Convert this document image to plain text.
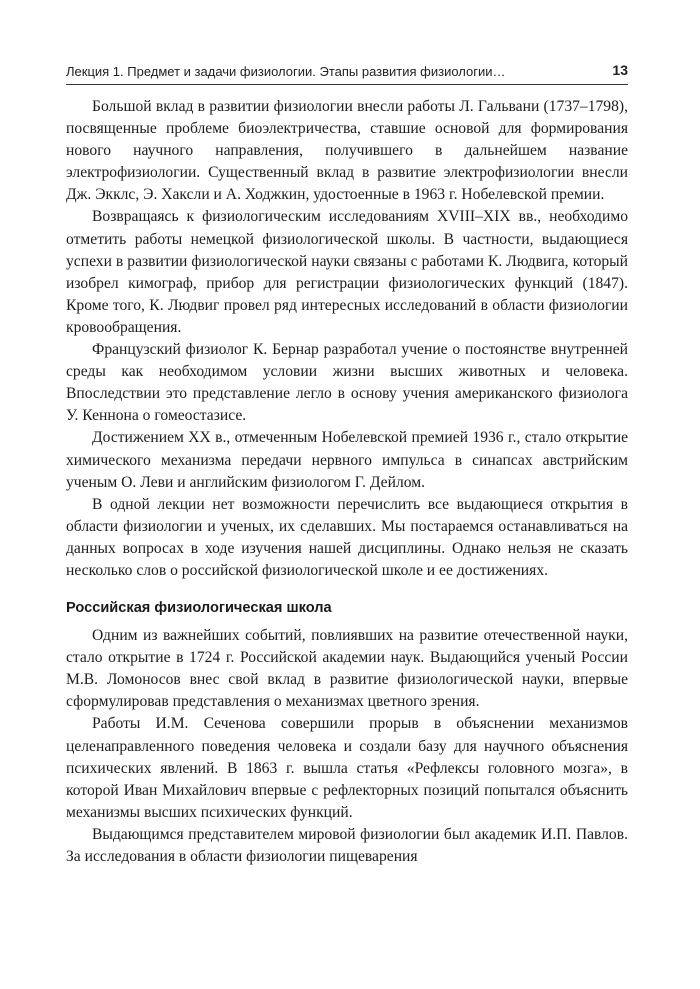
Лекция 1. Предмет и задачи физиологии. Этапы развития физиологии…	13

Большой вклад в развитии физиологии внесли работы Л. Гальвани (1737–1798), посвященные проблеме биоэлектричества, ставшие основой для формирования нового научного направления, получившего в дальнейшем название электрофизиологии. Существенный вклад в развитие электрофизиологии внесли Дж. Экклс, Э. Хаксли и А. Ходжкин, удостоенные в 1963 г. Нобелевской премии.

Возвращаясь к физиологическим исследованиям XVIII–XIX вв., необходимо отметить работы немецкой физиологической школы. В частности, выдающиеся успехи в развитии физиологической науки связаны с работами К. Людвига, который изобрел кимограф, прибор для регистрации физиологических функций (1847). Кроме того, К. Людвиг провел ряд интересных исследований в области физиологии кровообращения.

Французский физиолог К. Бернар разработал учение о постоянстве внутренней среды как необходимом условии жизни высших животных и человека. Впоследствии это представление легло в основу учения американского физиолога У. Кеннона о гомеостазисе.

Достижением XX в., отмеченным Нобелевской премией 1936 г., стало открытие химического механизма передачи нервного импульса в синапсах австрийским ученым О. Леви и английским физиологом Г. Дейлом.

В одной лекции нет возможности перечислить все выдающиеся открытия в области физиологии и ученых, их сделавших. Мы постараемся останавливаться на данных вопросах в ходе изучения нашей дисциплины. Однако нельзя не сказать несколько слов о российской физиологической школе и ее достижениях.

Российская физиологическая школа

Одним из важнейших событий, повлиявших на развитие отечественной науки, стало открытие в 1724 г. Российской академии наук. Выдающийся ученый России М.В. Ломоносов внес свой вклад в развитие физиологической науки, впервые сформулировав представления о механизмах цветного зрения.

Работы И.М. Сеченова совершили прорыв в объяснении механизмов целенаправленного поведения человека и создали базу для научного объяснения психических явлений. В 1863 г. вышла статья «Рефлексы головного мозга», в которой Иван Михайлович впервые с рефлекторных позиций попытался объяснить механизмы высших психических функций.

Выдающимся представителем мировой физиологии был академик И.П. Павлов. За исследования в области физиологии пищеварения
